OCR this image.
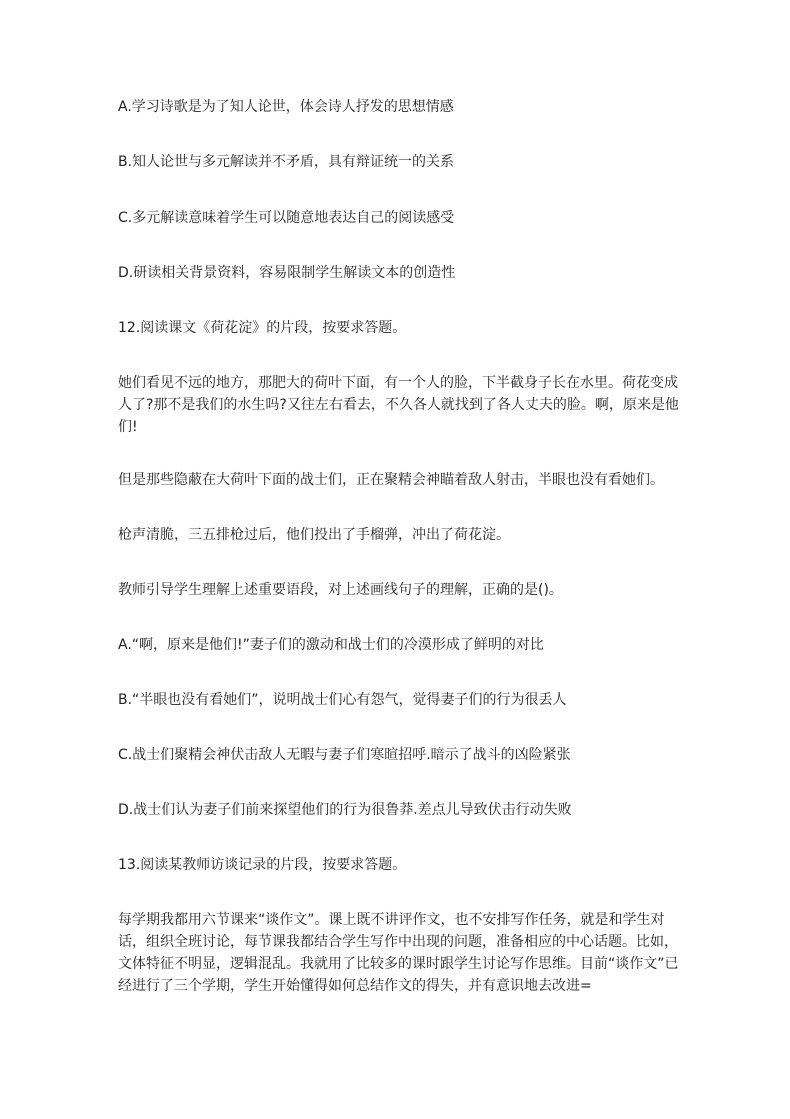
A.学习诗歌是为了知人论世，体会诗人抒发的思想情感

B.知人论世与多元解读并不矛盾，具有辩证统一的关系

C.多元解读意味着学生可以随意地表达自己的阅读感受

D.研读相关背景资料，容易限制学生解读文本的创造性

12.阅读课文《荷花淀》的片段，按要求答题。

她们看见不远的地方，那肥大的荷叶下面，有一个人的脸，下半截身子长在水里。荷花变成人了?那不是我们的水生吗?又往左右看去，不久各人就找到了各人丈夫的脸。啊，原来是他们!

但是那些隐蔽在大荷叶下面的战士们，正在聚精会神瞄着敌人射击，半眼也没有看她们。

枪声清脆，三五排枪过后，他们投出了手榴弹，冲出了荷花淀。

教师引导学生理解上述重要语段，对上述画线句子的理解，正确的是()。

A.“啊，原来是他们!”妻子们的激动和战士们的冷漠形成了鲜明的对比

B.“半眼也没有看她们”，说明战士们心有怨气，觉得妻子们的行为很丢人

C.战士们聚精会神伏击敌人无暇与妻子们寒暄招呼.暗示了战斗的凶险紧张

D.战士们认为妻子们前来探望他们的行为很鲁莽.差点儿导致伏击行动失败

13.阅读某教师访谈记录的片段，按要求答题。

每学期我都用六节课来“谈作文”。课上既不讲评作文，也不安排写作任务，就是和学生对话，组织全班讨论，每节课我都结合学生写作中出现的问题，准备相应的中心话题。比如，文体特征不明显，逻辑混乱。我就用了比较多的课时跟学生讨论写作思维。目前“谈作文”已经进行了三个学期，学生开始懂得如何总结作文的得失，并有意识地去改进=
